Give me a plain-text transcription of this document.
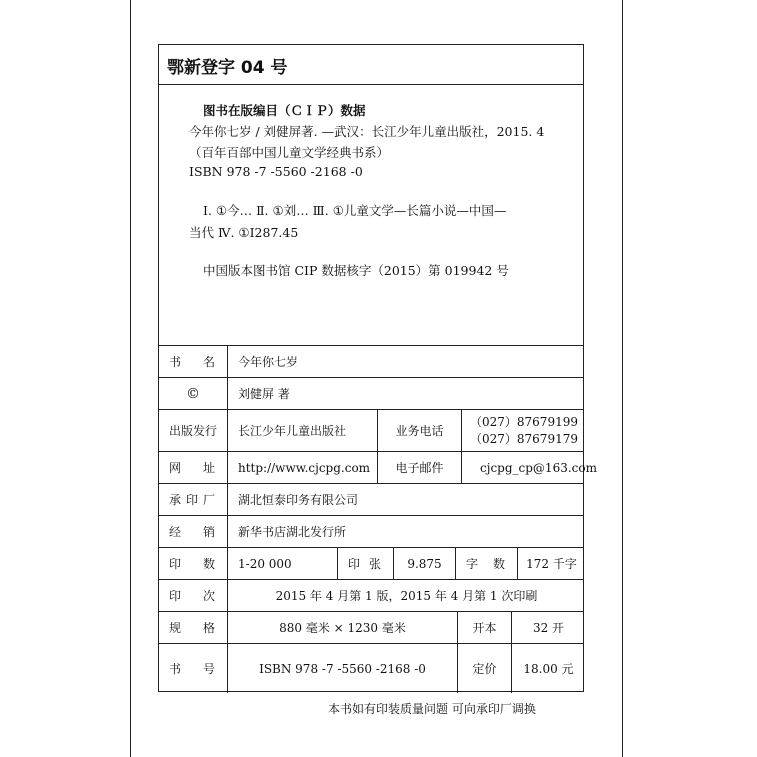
鄂新登字 04 号
图书在版编目（ＣＩＰ）数据
今年你七岁 / 刘健屏著. —武汉：长江少年儿童出版社，2015. 4
（百年百部中国儿童文学经典书系）
ISBN 978 -7 -5560 -2168 -0
Ⅰ. ①今… Ⅱ. ①刘… Ⅲ. ①儿童文学—长篇小说—中国—
当代 Ⅳ. ①I287.45
中国版本图书馆 CIP 数据核字（2015）第 019942 号
书 名	今年你七岁
©	刘健屏 著
出版发行	长江少年儿童出版社	业务电话
（027）87679199
（027）87679179
网 址	http://www.cjcpg.com	电子邮件	cjcpg_cp@163.com
承 印 厂	湖北恒泰印务有限公司
经 销	新华书店湖北发行所
印 数	1-20 000	印 张	9.875	字 数	172 千字
印 次	2015 年 4 月第 1 版，2015 年 4 月第 1 次印刷
规 格	880 毫米 × 1230 毫米	开本	32 开
书 号	ISBN 978 -7 -5560 -2168 -0	定价	18.00 元
本书如有印装质量问题 可向承印厂调换
